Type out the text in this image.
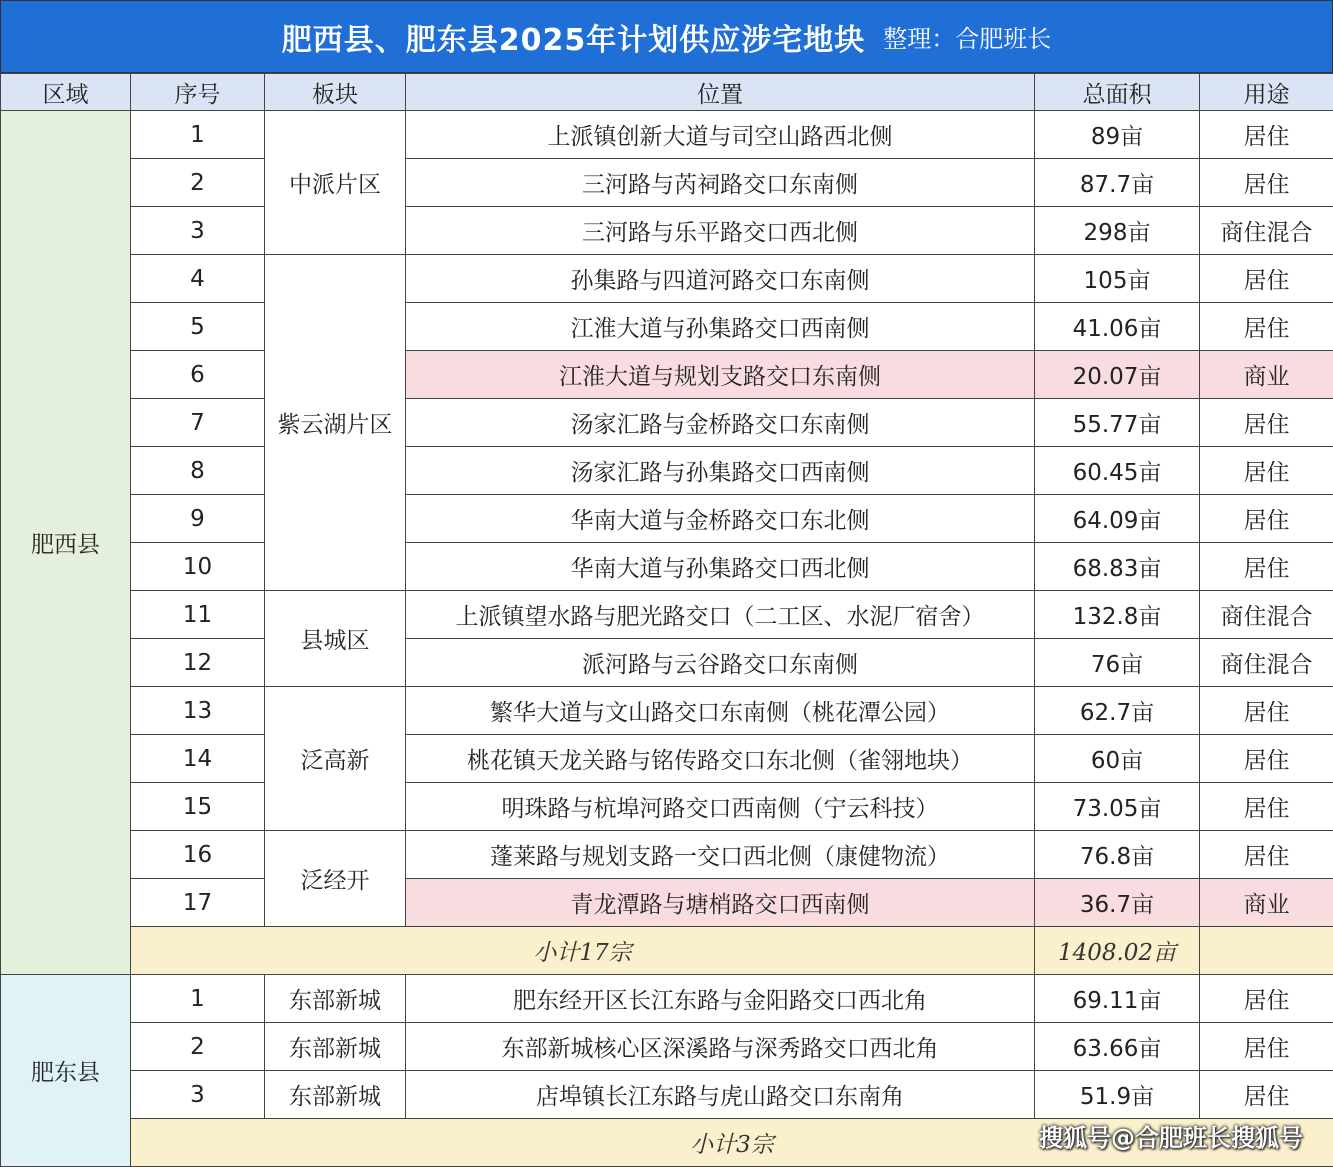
肥西县、肥东县2025年计划供应涉宅地块 整理：合肥班长
区域	序号	板块	位置	总面积	用途
肥西县	1	中派片区	上派镇创新大道与司空山路西北侧	89亩	居住
	2		三河路与芮祠路交口东南侧	87.7亩	居住
	3		三河路与乐平路交口西北侧	298亩	商住混合
	4	紫云湖片区	孙集路与四道河路交口东南侧	105亩	居住
	5		江淮大道与孙集路交口西南侧	41.06亩	居住
	6		江淮大道与规划支路交口东南侧	20.07亩	商业
	7		汤家汇路与金桥路交口东南侧	55.77亩	居住
	8		汤家汇路与孙集路交口西南侧	60.45亩	居住
	9		华南大道与金桥路交口东北侧	64.09亩	居住
	10		华南大道与孙集路交口西北侧	68.83亩	居住
	11	县城区	上派镇望水路与肥光路交口（二工区、水泥厂宿舍）	132.8亩	商住混合
	12		派河路与云谷路交口东南侧	76亩	商住混合
	13	泛高新	繁华大道与文山路交口东南侧（桃花潭公园）	62.7亩	居住
	14		桃花镇天龙关路与铭传路交口东北侧（雀翎地块）	60亩	居住
	15		明珠路与杭埠河路交口西南侧（宁云科技）	73.05亩	居住
	16	泛经开	蓬莱路与规划支路一交口西北侧（康健物流）	76.8亩	居住
	17		青龙潭路与塘梢路交口西南侧	36.7亩	商业
	小计17宗			1408.02亩	
肥东县	1	东部新城	肥东经开区长江东路与金阳路交口西北角	69.11亩	居住
	2	东部新城	东部新城核心区深溪路与深秀路交口西北角	63.66亩	居住
	3	东部新城	店埠镇长江东路与虎山路交口东南角	51.9亩	居住
	小计3宗					搜狐号@合肥班长搜狐号
